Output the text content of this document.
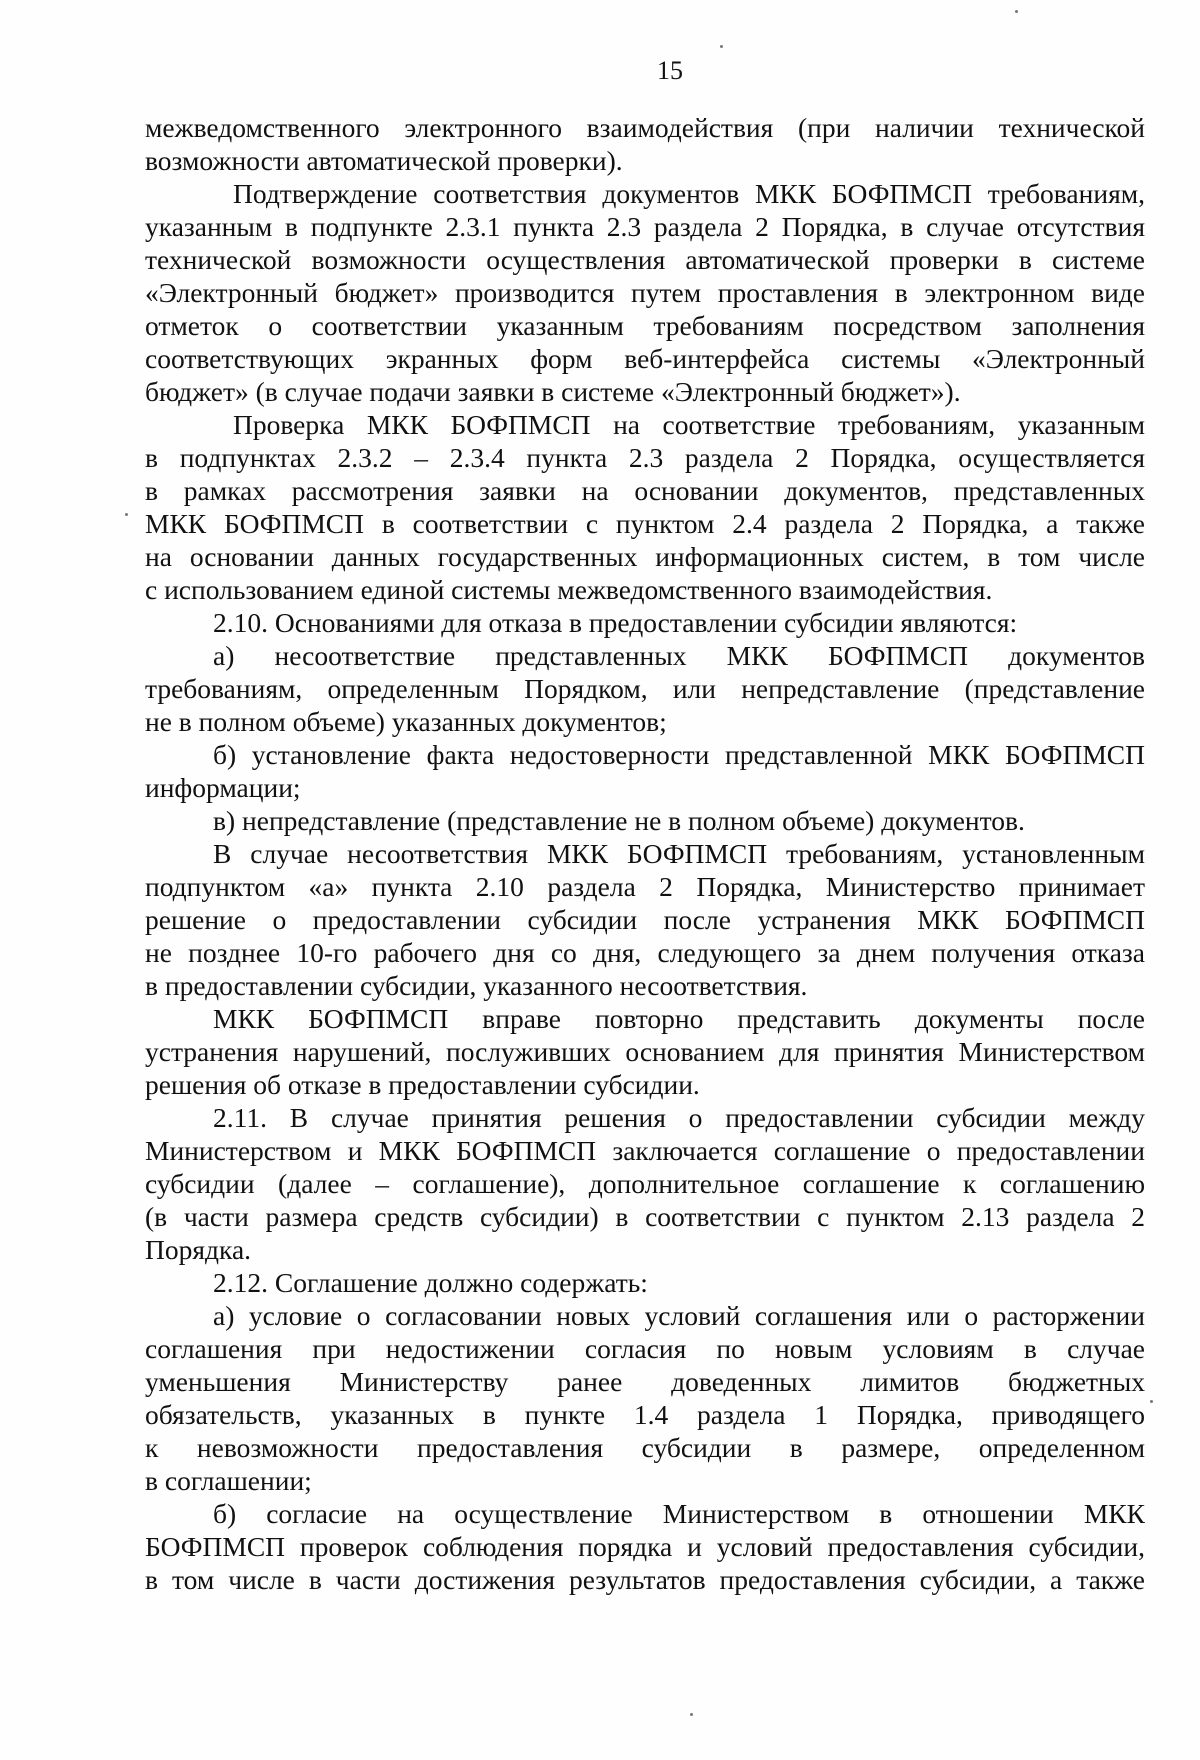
15

межведомственного электронного взаимодействия (при наличии технической

возможности автоматической проверки).

Подтверждение соответствия документов МКК БОФПМСП требованиям,

указанным в подпункте 2.3.1 пункта 2.3 раздела 2 Порядка, в случае отсутствия

технической возможности осуществления автоматической проверки в системе

«Электронный бюджет» производится путем проставления в электронном виде

отметок о соответствии указанным требованиям посредством заполнения

соответствующих экранных форм веб-интерфейса системы «Электронный

бюджет» (в случае подачи заявки в системе «Электронный бюджет»).

Проверка МКК БОФПМСП на соответствие требованиям, указанным

в подпунктах 2.3.2 – 2.3.4 пункта 2.3 раздела 2 Порядка, осуществляется

в рамках рассмотрения заявки на основании документов, представленных

МКК БОФПМСП в соответствии с пунктом 2.4 раздела 2 Порядка, а также

на основании данных государственных информационных систем, в том числе

с использованием единой системы межведомственного взаимодействия.

2.10. Основаниями для отказа в предоставлении субсидии являются:

а) несоответствие представленных МКК БОФПМСП документов

требованиям, определенным Порядком, или непредставление (представление

не в полном объеме) указанных документов;

б) установление факта недостоверности представленной МКК БОФПМСП

информации;

в) непредставление (представление не в полном объеме) документов.

В случае несоответствия МКК БОФПМСП требованиям, установленным

подпунктом «а» пункта 2.10 раздела 2 Порядка, Министерство принимает

решение о предоставлении субсидии после устранения МКК БОФПМСП

не позднее 10-го рабочего дня со дня, следующего за днем получения отказа

в предоставлении субсидии, указанного несоответствия.

МКК БОФПМСП вправе повторно представить документы после

устранения нарушений, послуживших основанием для принятия Министерством

решения об отказе в предоставлении субсидии.

2.11. В случае принятия решения о предоставлении субсидии между

Министерством и МКК БОФПМСП заключается соглашение о предоставлении

субсидии (далее – соглашение), дополнительное соглашение к соглашению

(в части размера средств субсидии) в соответствии с пунктом 2.13 раздела 2

Порядка.

2.12. Соглашение должно содержать:

а) условие о согласовании новых условий соглашения или о расторжении

соглашения при недостижении согласия по новым условиям в случае

уменьшения Министерству ранее доведенных лимитов бюджетных

обязательств, указанных в пункте 1.4 раздела 1 Порядка, приводящего

к невозможности предоставления субсидии в размере, определенном

в соглашении;

б) согласие на осуществление Министерством в отношении МКК

БОФПМСП проверок соблюдения порядка и условий предоставления субсидии,

в том числе в части достижения результатов предоставления субсидии, а также
